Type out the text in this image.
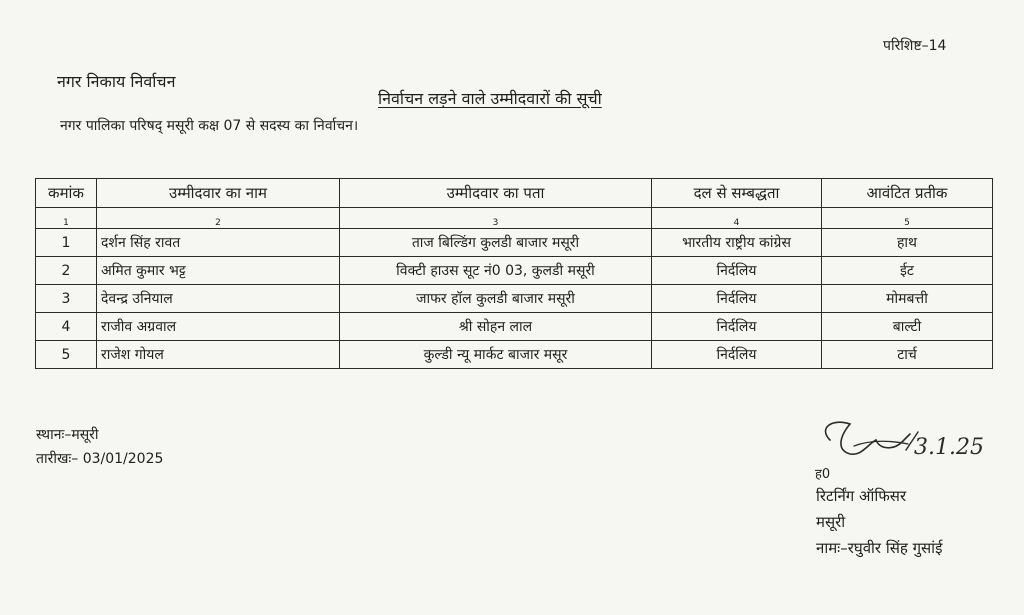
परिशिष्ट–14
नगर निकाय निर्वाचन
निर्वाचन लड़ने वाले उम्मीदवारों की सूची
नगर पालिका परिषद् मसूरी कक्ष 07 से सदस्य का निर्वाचन।
कमांक	उम्मीदवार का नाम	उम्मीदवार का पता	दल से सम्बद्धता	आवंटित प्रतीक
1	2	3	4	5
1	दर्शन सिंह रावत	ताज बिल्डिंग कुलडी बाजार मसूरी	भारतीय राष्ट्रीय कांग्रेस	हाथ
2	अमित कुमार भट्ट	विक्टी हाउस सूट नं0 03, कुलडी मसूरी	निर्दलिय	ईट
3	देवन्द्र उनियाल	जाफर हॉल कुलडी बाजार मसूरी	निर्दलिय	मोमबत्ती
4	राजीव अग्रवाल	श्री सोहन लाल	निर्दलिय	बाल्टी
5	राजेश गोयल	कुल्डी न्यू मार्कट बाजार मसूर	निर्दलिय	टार्च
स्थानः–मसूरी
तारीखः– 03/01/2025	3.1.25
ह0
रिटर्निंग ऑफिसर
मसूरी
नामः–रघुवीर सिंह गुसांई
